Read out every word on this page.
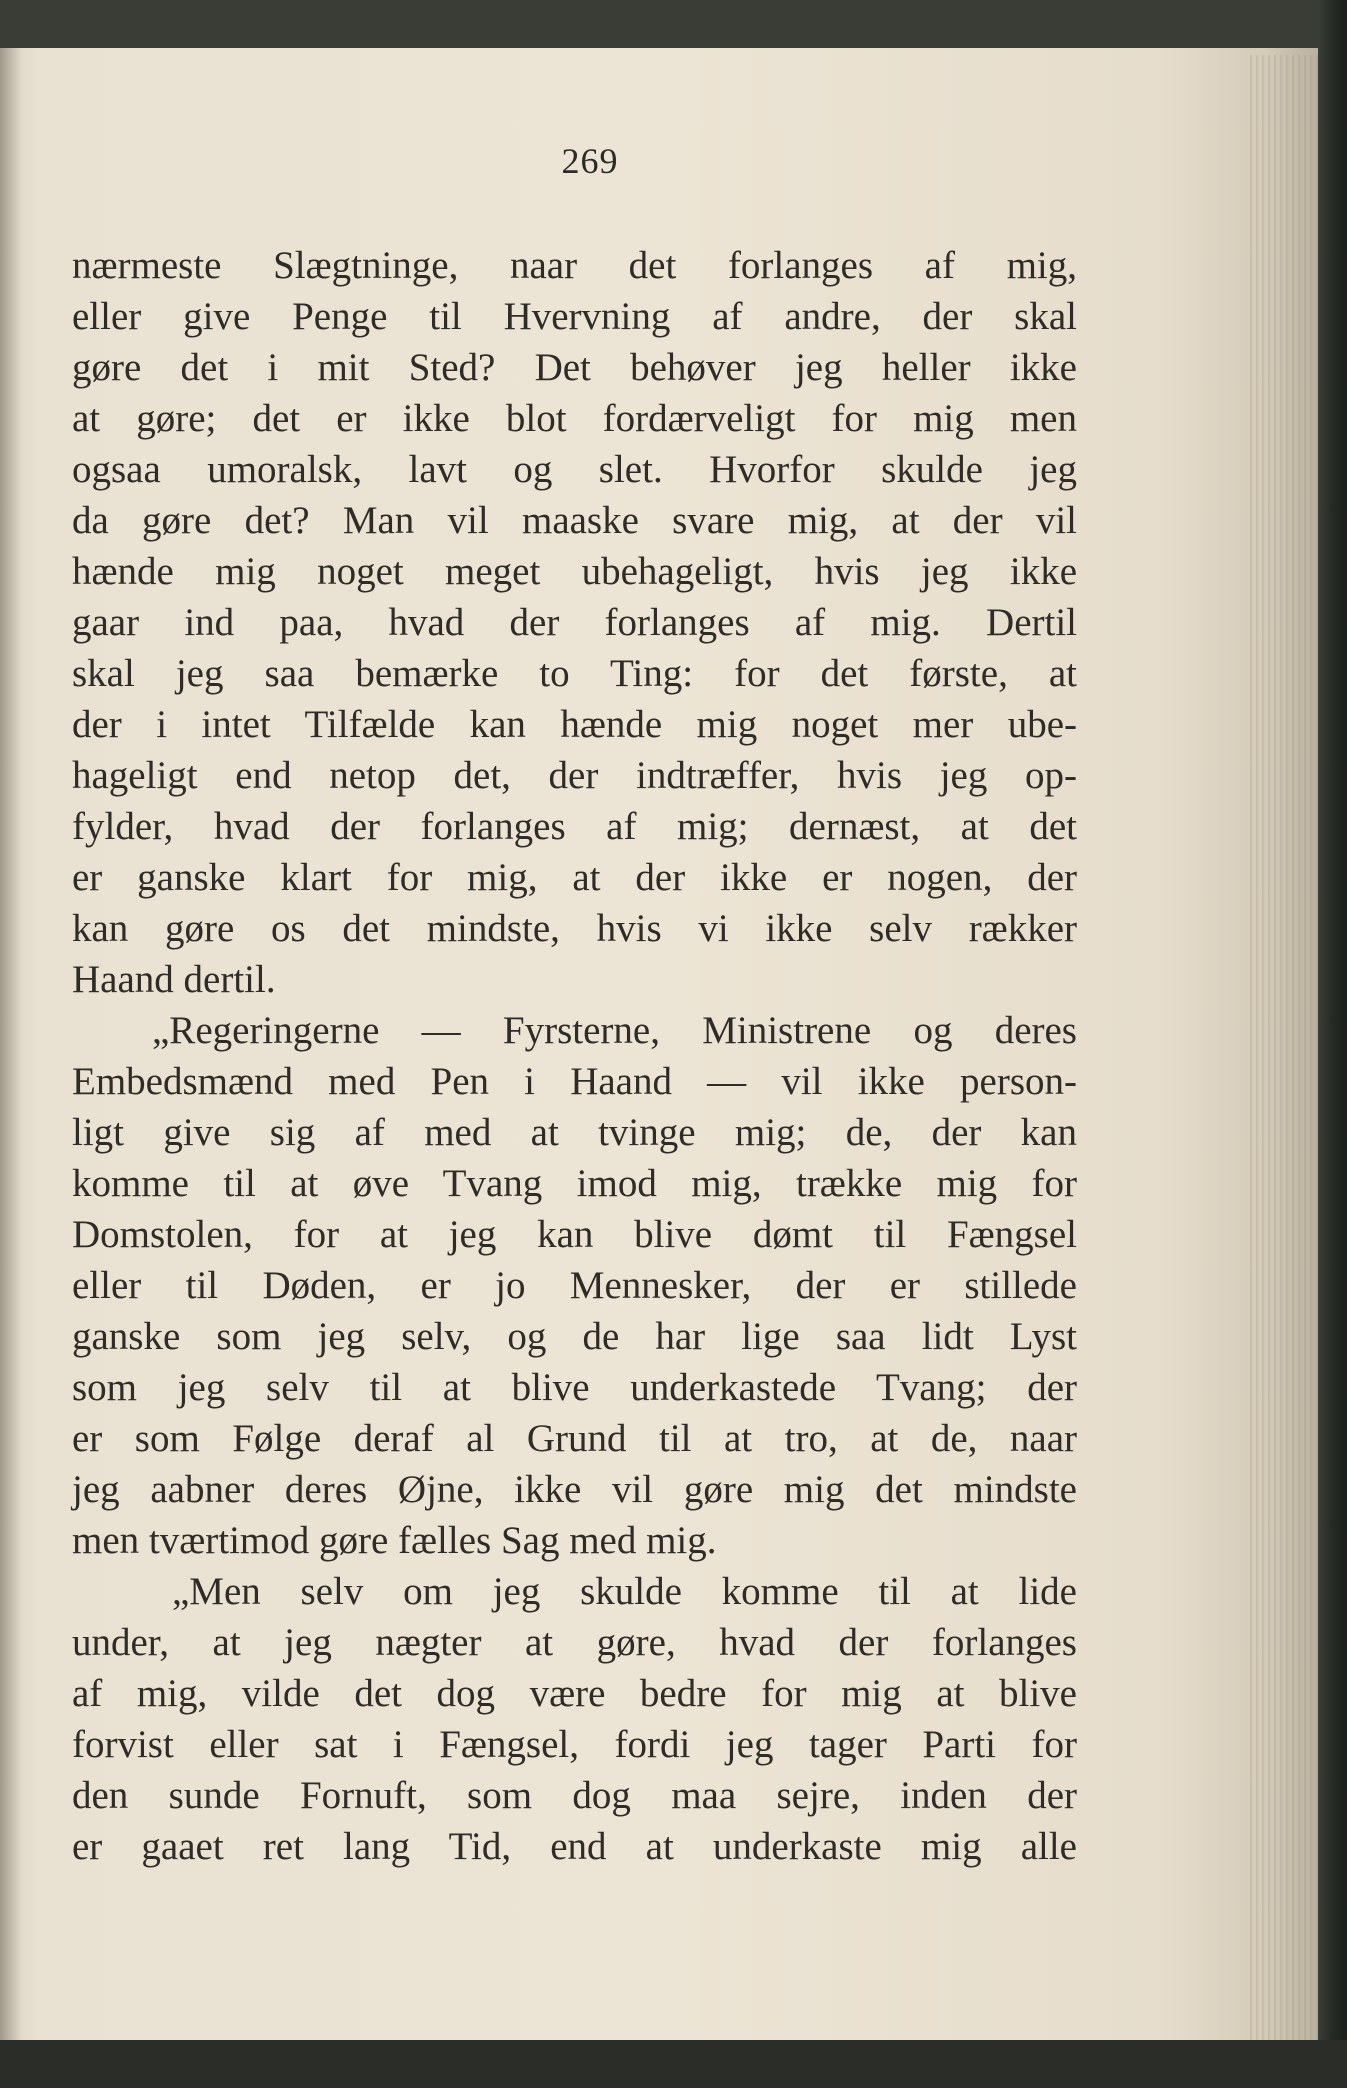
269
nærmeste Slægtninge, naar det forlanges af mig,
eller give Penge til Hvervning af andre, der skal
gøre det i mit Sted? Det behøver jeg heller ikke
at gøre; det er ikke blot fordærveligt for mig men
ogsaa umoralsk, lavt og slet. Hvorfor skulde jeg
da gøre det? Man vil maaske svare mig, at der vil
hænde mig noget meget ubehageligt, hvis jeg ikke
gaar ind paa, hvad der forlanges af mig. Dertil
skal jeg saa bemærke to Ting: for det første, at
der i intet Tilfælde kan hænde mig noget mer ube-
hageligt end netop det, der indtræffer, hvis jeg op-
fylder, hvad der forlanges af mig; dernæst, at det
er ganske klart for mig, at der ikke er nogen, der
kan gøre os det mindste, hvis vi ikke selv rækker
Haand dertil.
„Regeringerne — Fyrsterne, Ministrene og deres
Embedsmænd med Pen i Haand — vil ikke person-
ligt give sig af med at tvinge mig; de, der kan
komme til at øve Tvang imod mig, trække mig for
Domstolen, for at jeg kan blive dømt til Fængsel
eller til Døden, er jo Mennesker, der er stillede
ganske som jeg selv, og de har lige saa lidt Lyst
som jeg selv til at blive underkastede Tvang; der
er som Følge deraf al Grund til at tro, at de, naar
jeg aabner deres Øjne, ikke vil gøre mig det mindste
men tværtimod gøre fælles Sag med mig.
„Men selv om jeg skulde komme til at lide
under, at jeg nægter at gøre, hvad der forlanges
af mig, vilde det dog være bedre for mig at blive
forvist eller sat i Fængsel, fordi jeg tager Parti for
den sunde Fornuft, som dog maa sejre, inden der
er gaaet ret lang Tid, end at underkaste mig alle
